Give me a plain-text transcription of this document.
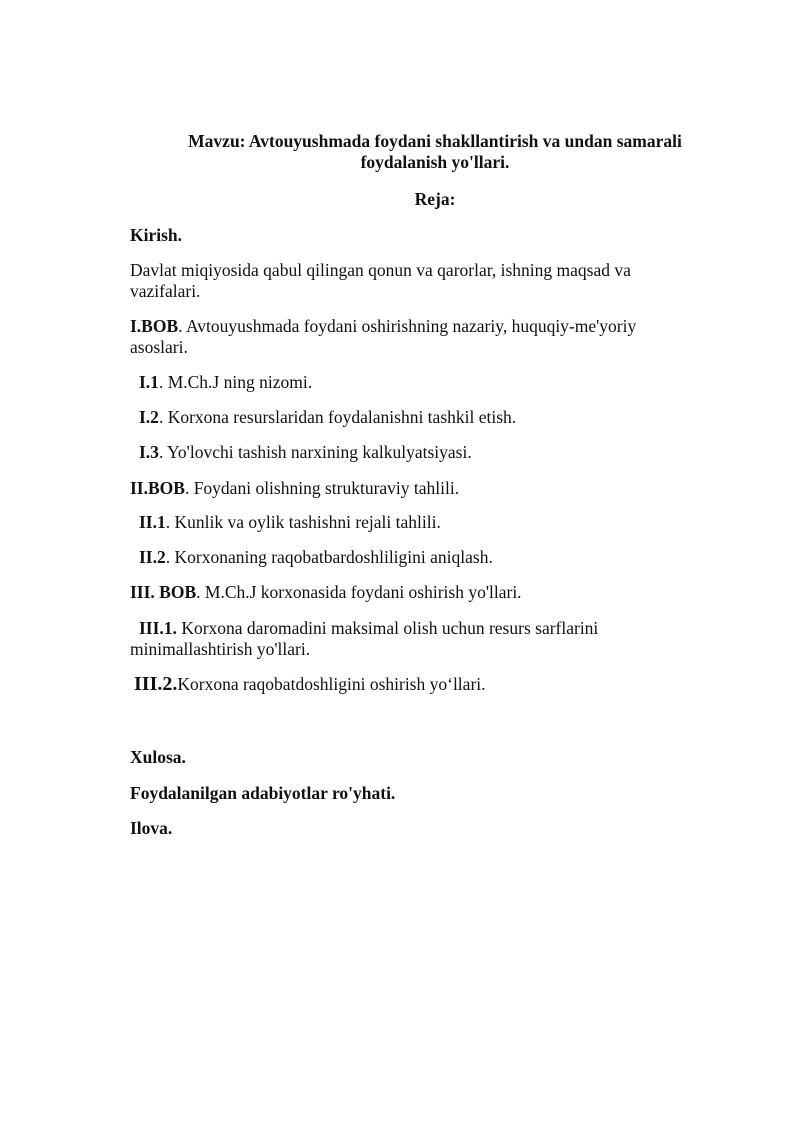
Mavzu: Avtouyushmada foydani shakllantirish va undan samarali
foydalanish yo'llari.
Reja:
Kirish.
Davlat miqiyosida qabul qilingan qonun va qarorlar, ishning maqsad va
vazifalari.
I.BOB. Avtouyushmada foydani oshirishning nazariy, huquqiy-me'yoriy
asoslari.
I.1. M.Ch.J ning nizomi.
I.2. Korxona resurslaridan foydalanishni tashkil etish.
I.3. Yo'lovchi tashish narxining kalkulyatsiyasi.
II.BOB. Foydani olishning strukturaviy tahlili.
II.1. Kunlik va oylik tashishni rejali tahlili.
II.2. Korxonaning raqobatbardoshliligini aniqlash.
III. BOB. M.Ch.J korxonasida foydani oshirish yo'llari.
III.1. Korxona daromadini maksimal olish uchun resurs sarflarini
minimallashtirish yo'llari.
III.2.Korxona raqobatdoshligini oshirish yo‘llari.
Xulosa.
Foydalanilgan adabiyotlar ro'yhati.
Ilova.
